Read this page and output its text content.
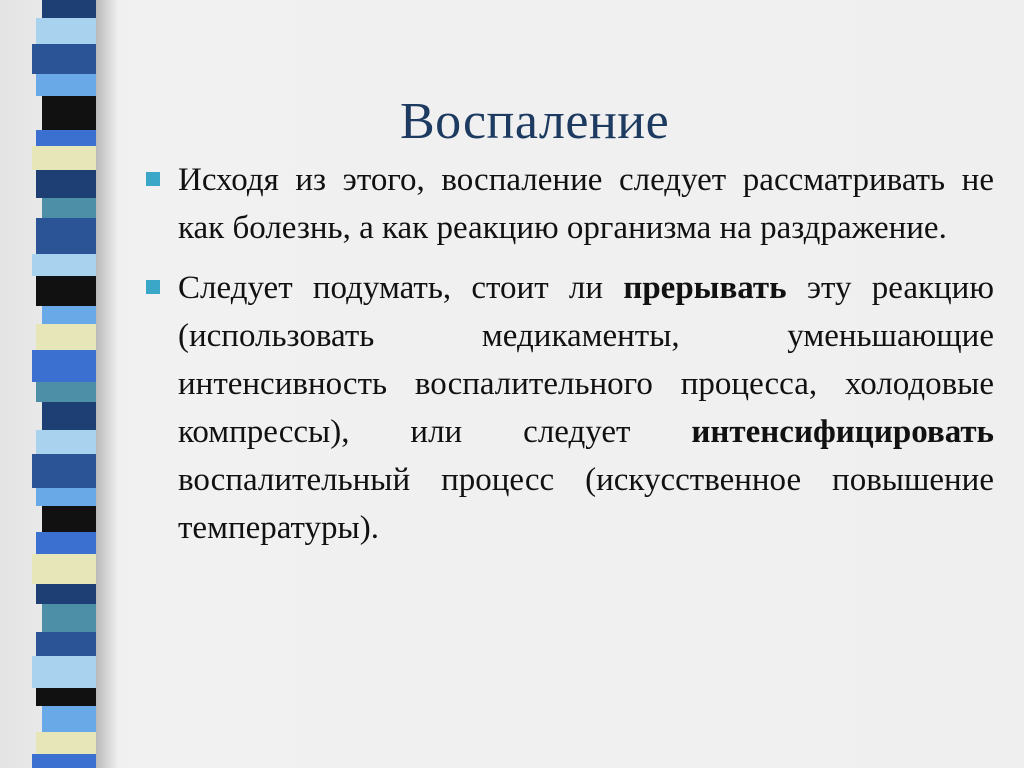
Воспаление
Исходя из этого, воспаление следует рассматривать не как болезнь, а как реакцию организма на раздражение.
Следует подумать, стоит ли прерывать эту реакцию (использовать медикаменты, уменьшающие интенсивность воспалительного процесса, холодовые компрессы), или следует интенсифицировать воспалительный процесс (искусственное повышение температуры).
